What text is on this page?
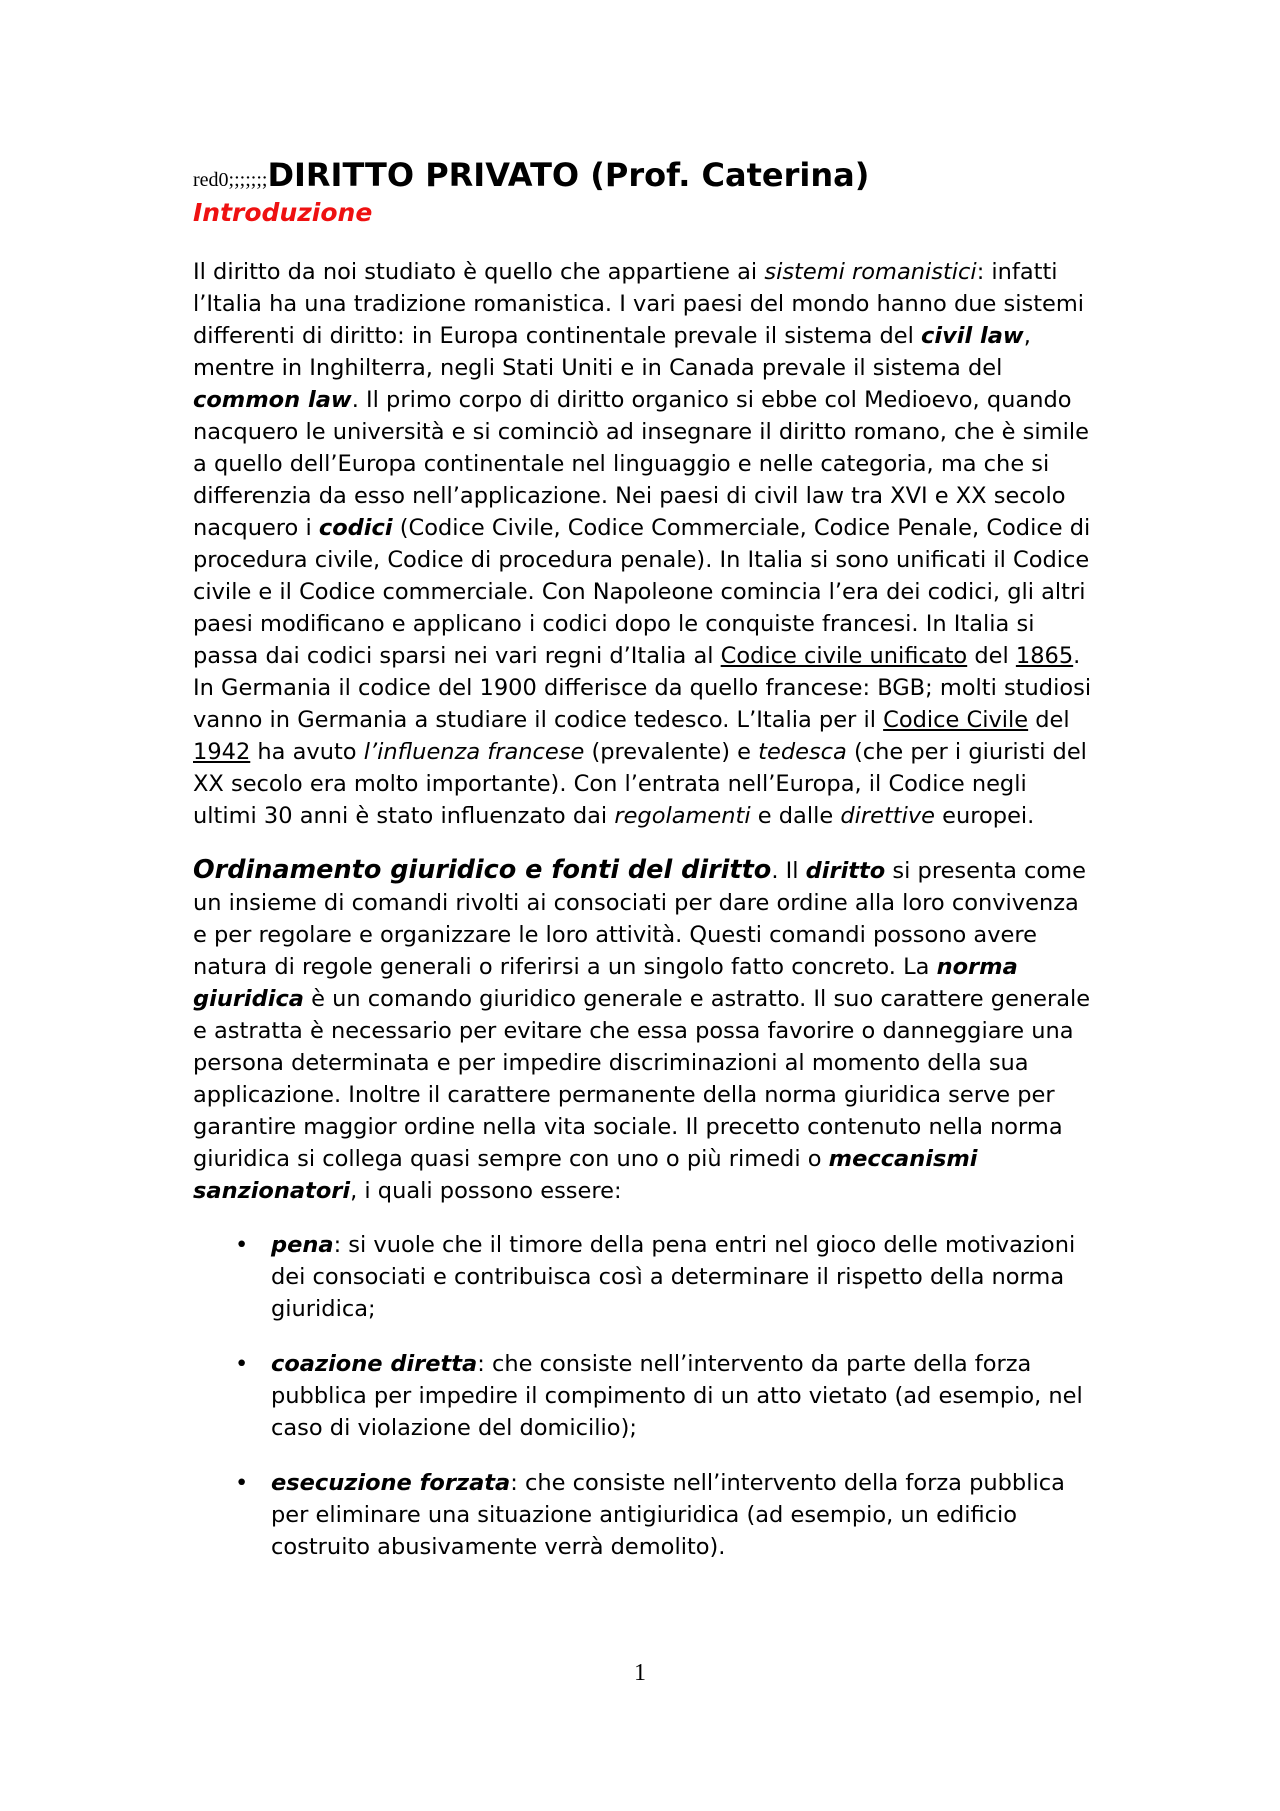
red0;;;;;;;DIRITTO PRIVATO (Prof. Caterina)
Introduzione

Il diritto da noi studiato è quello che appartiene ai sistemi romanistici: infatti l’Italia ha una tradizione romanistica. I vari paesi del mondo hanno due sistemi differenti di diritto: in Europa continentale prevale il sistema del civil law, mentre in Inghilterra, negli Stati Uniti e in Canada prevale il sistema del common law. Il primo corpo di diritto organico si ebbe col Medioevo, quando nacquero le università e si cominciò ad insegnare il diritto romano, che è simile a quello dell’Europa continentale nel linguaggio e nelle categoria, ma che si differenzia da esso nell’applicazione. Nei paesi di civil law tra XVI e XX secolo nacquero i codici (Codice Civile, Codice Commerciale, Codice Penale, Codice di procedura civile, Codice di procedura penale). In Italia si sono unificati il Codice civile e il Codice commerciale. Con Napoleone comincia l’era dei codici, gli altri paesi modificano e applicano i codici dopo le conquiste francesi. In Italia si passa dai codici sparsi nei vari regni d’Italia al Codice civile unificato del 1865. In Germania il codice del 1900 differisce da quello francese: BGB; molti studiosi vanno in Germania a studiare il codice tedesco. L’Italia per il Codice Civile del 1942 ha avuto l’influenza francese (prevalente) e tedesca (che per i giuristi del XX secolo era molto importante). Con l’entrata nell’Europa, il Codice negli ultimi 30 anni è stato influenzato dai regolamenti e dalle direttive europei.

Ordinamento giuridico e fonti del diritto. Il diritto si presenta come un insieme di comandi rivolti ai consociati per dare ordine alla loro convivenza e per regolare e organizzare le loro attività. Questi comandi possono avere natura di regole generali o riferirsi a un singolo fatto concreto. La norma giuridica è un comando giuridico generale e astratto. Il suo carattere generale e astratta è necessario per evitare che essa possa favorire o danneggiare una persona determinata e per impedire discriminazioni al momento della sua applicazione. Inoltre il carattere permanente della norma giuridica serve per garantire maggior ordine nella vita sociale. Il precetto contenuto nella norma giuridica si collega quasi sempre con uno o più rimedi o meccanismi sanzionatori, i quali possono essere:

• pena: si vuole che il timore della pena entri nel gioco delle motivazioni dei consociati e contribuisca così a determinare il rispetto della norma giuridica;
• coazione diretta: che consiste nell’intervento da parte della forza pubblica per impedire il compimento di un atto vietato (ad esempio, nel caso di violazione del domicilio);
• esecuzione forzata: che consiste nell’intervento della forza pubblica per eliminare una situazione antigiuridica (ad esempio, un edificio costruito abusivamente verrà demolito).
1
